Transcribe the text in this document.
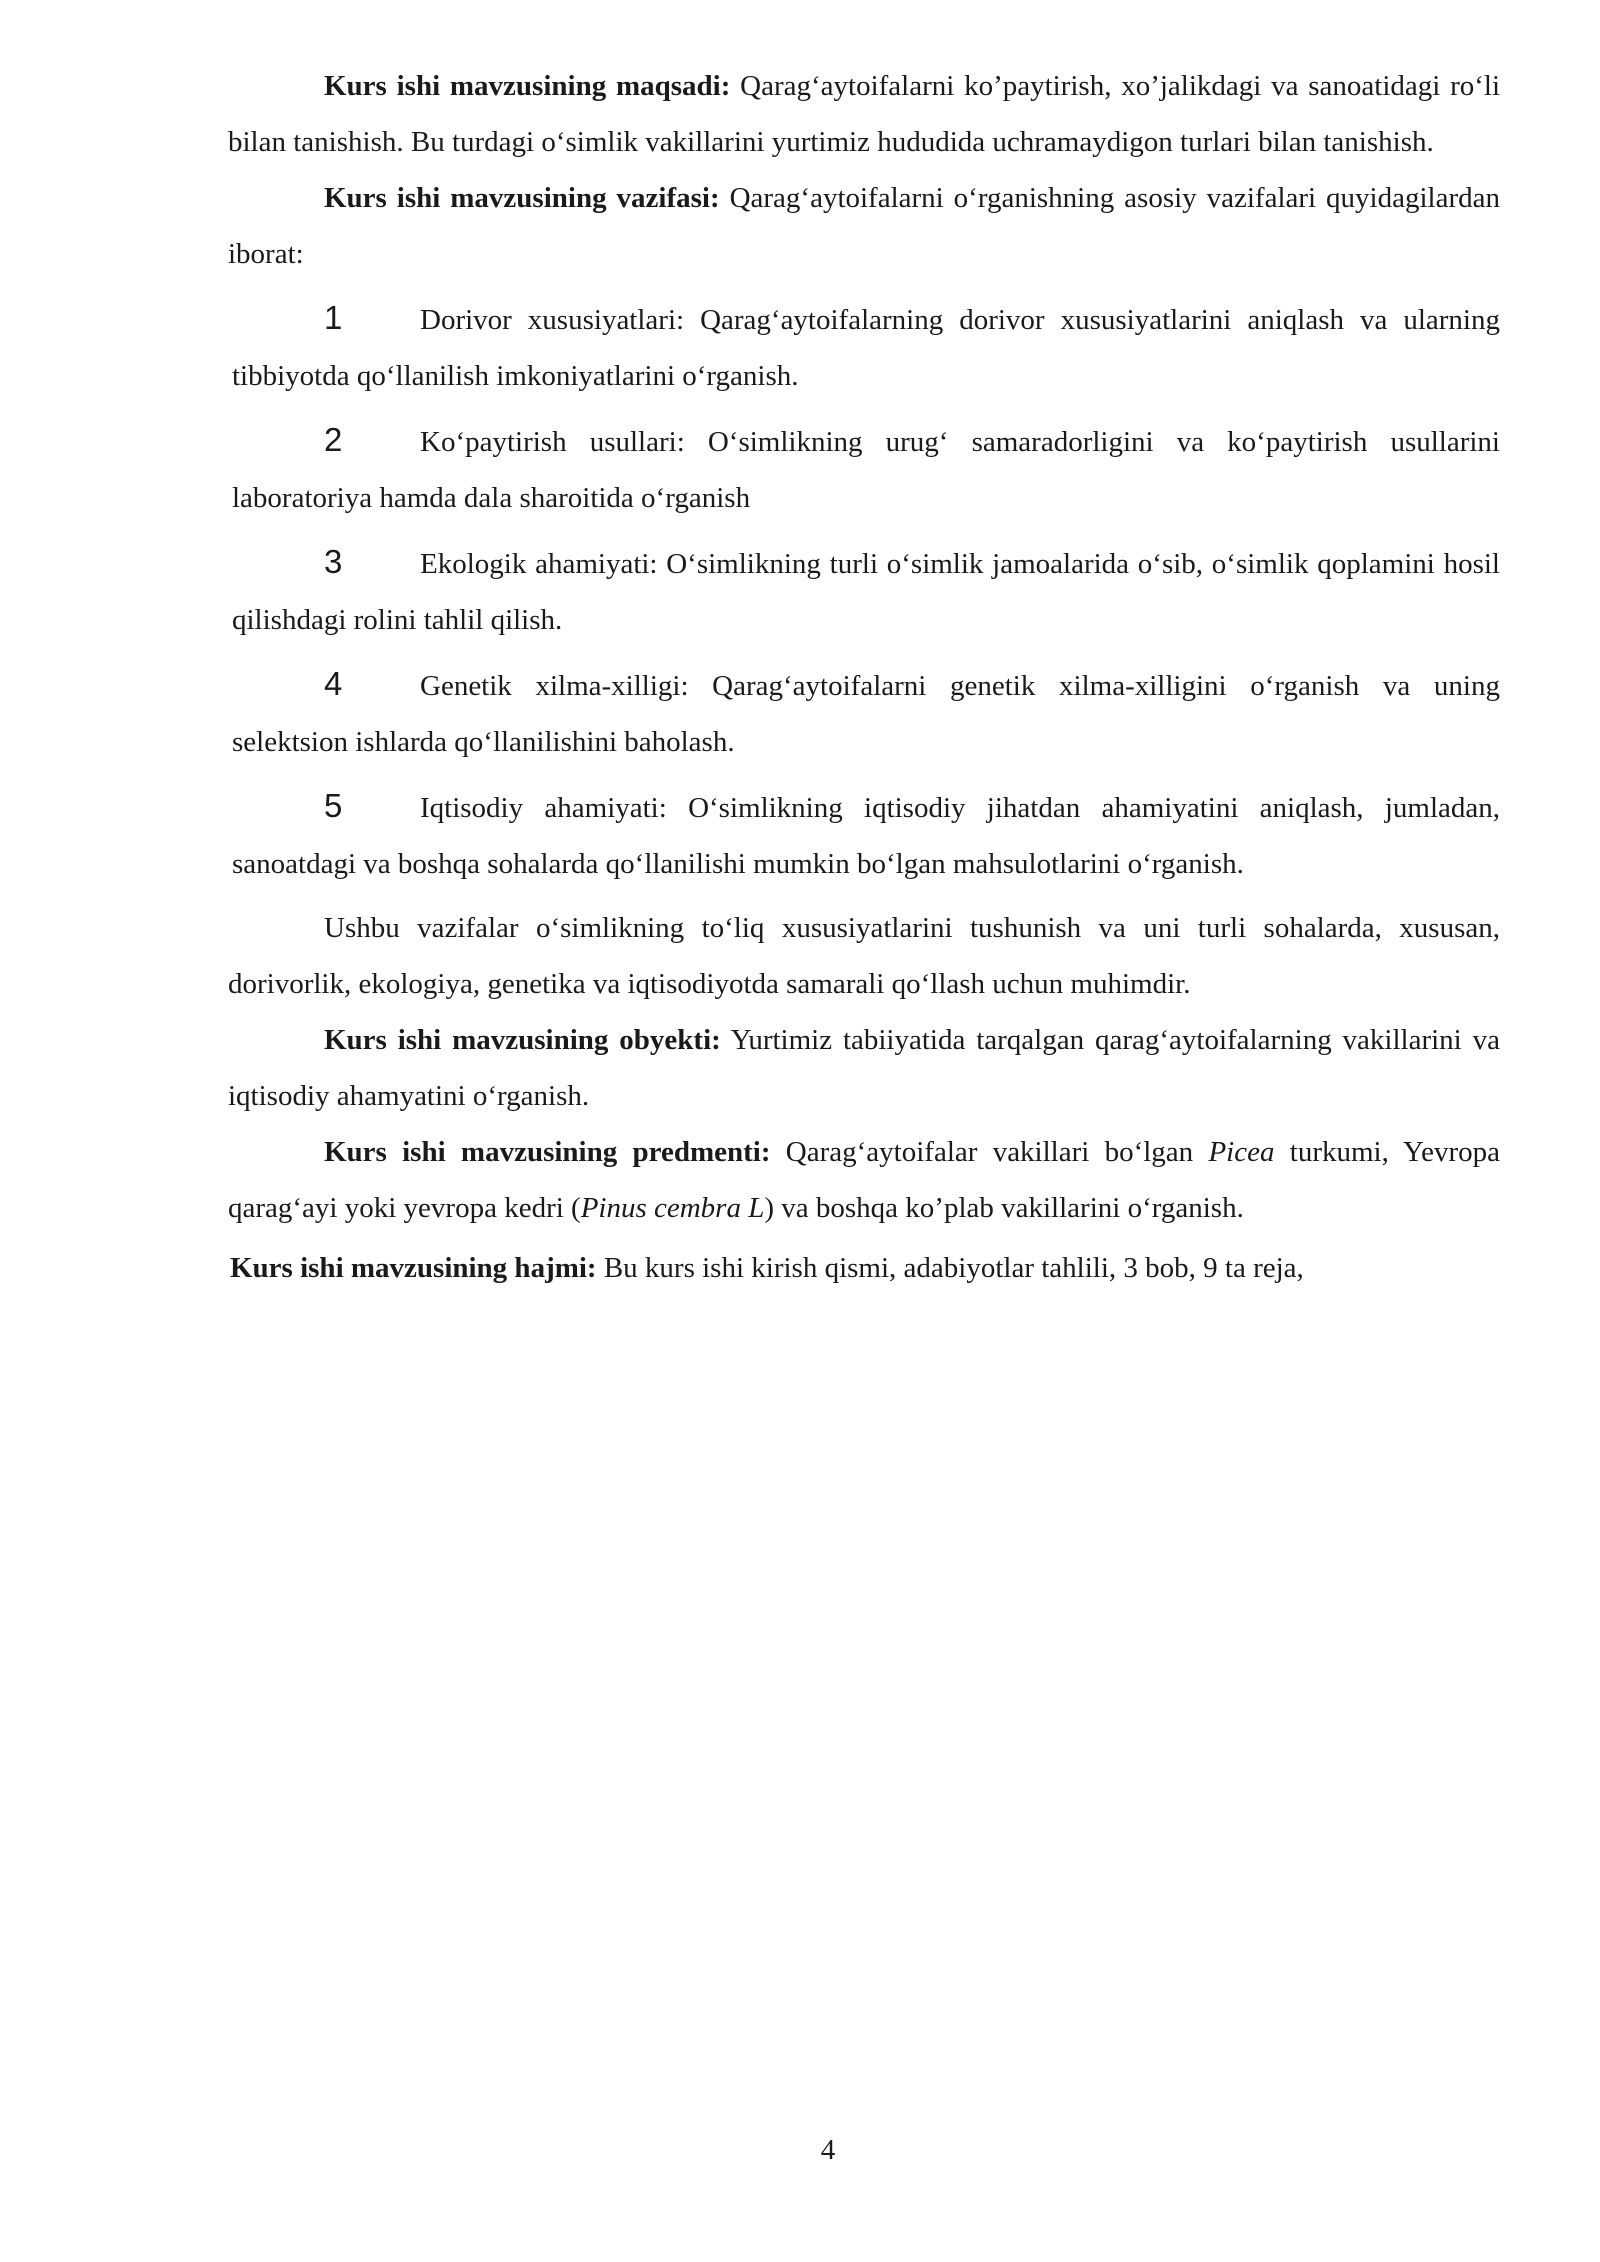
Kurs ishi mavzusining maqsadi: Qarag‘aytoifalarni ko’paytirish, xo’jalikdagi va sanoatidagi ro‘li bilan tanishish. Bu turdagi o‘simlik vakillarini yurtimiz hududida uchramaydigon turlari bilan tanishish.

Kurs ishi mavzusining vazifasi: Qarag‘aytoifalarni o‘rganishning asosiy vazifalari quyidagilardan iborat:

1	Dorivor xususiyatlari: Qarag‘aytoifalarning dorivor xususiyatlarini aniqlash va ularning tibbiyotda qo‘llanilish imkoniyatlarini o‘rganish.

2	Ko‘paytirish usullari: O‘simlikning urug‘ samaradorligini va ko‘paytirish usullarini laboratoriya hamda dala sharoitida o‘rganish

3	Ekologik ahamiyati: O‘simlikning turli o‘simlik jamoalarida o‘sib, o‘simlik qoplamini hosil qilishdagi rolini tahlil qilish.

4	Genetik xilma-xilligi: Qarag‘aytoifalarni genetik xilma-xilligini o‘rganish va uning selektsion ishlarda qo‘llanilishini baholash.

5	Iqtisodiy ahamiyati: O‘simlikning iqtisodiy jihatdan ahamiyatini aniqlash, jumladan, sanoatdagi va boshqa sohalarda qo‘llanilishi mumkin bo‘lgan mahsulotlarini o‘rganish.

Ushbu vazifalar o‘simlikning to‘liq xususiyatlarini tushunish va uni turli sohalarda, xususan, dorivorlik, ekologiya, genetika va iqtisodiyotda samarali qo‘llash uchun muhimdir.

Kurs ishi mavzusining obyekti: Yurtimiz tabiiyatida tarqalgan qarag‘aytoifalarning vakillarini va iqtisodiy ahamyatini o‘rganish.

Kurs ishi mavzusining predmenti: Qarag‘aytoifalar vakillari bo‘lgan Picea turkumi, Yevropa qarag‘ayi yoki yevropa kedri (Pinus cembra L) va boshqa ko’plab vakillarini o‘rganish.

Kurs ishi mavzusining hajmi: Bu kurs ishi kirish qismi, adabiyotlar tahlili, 3 bob, 9 ta reja,

4
